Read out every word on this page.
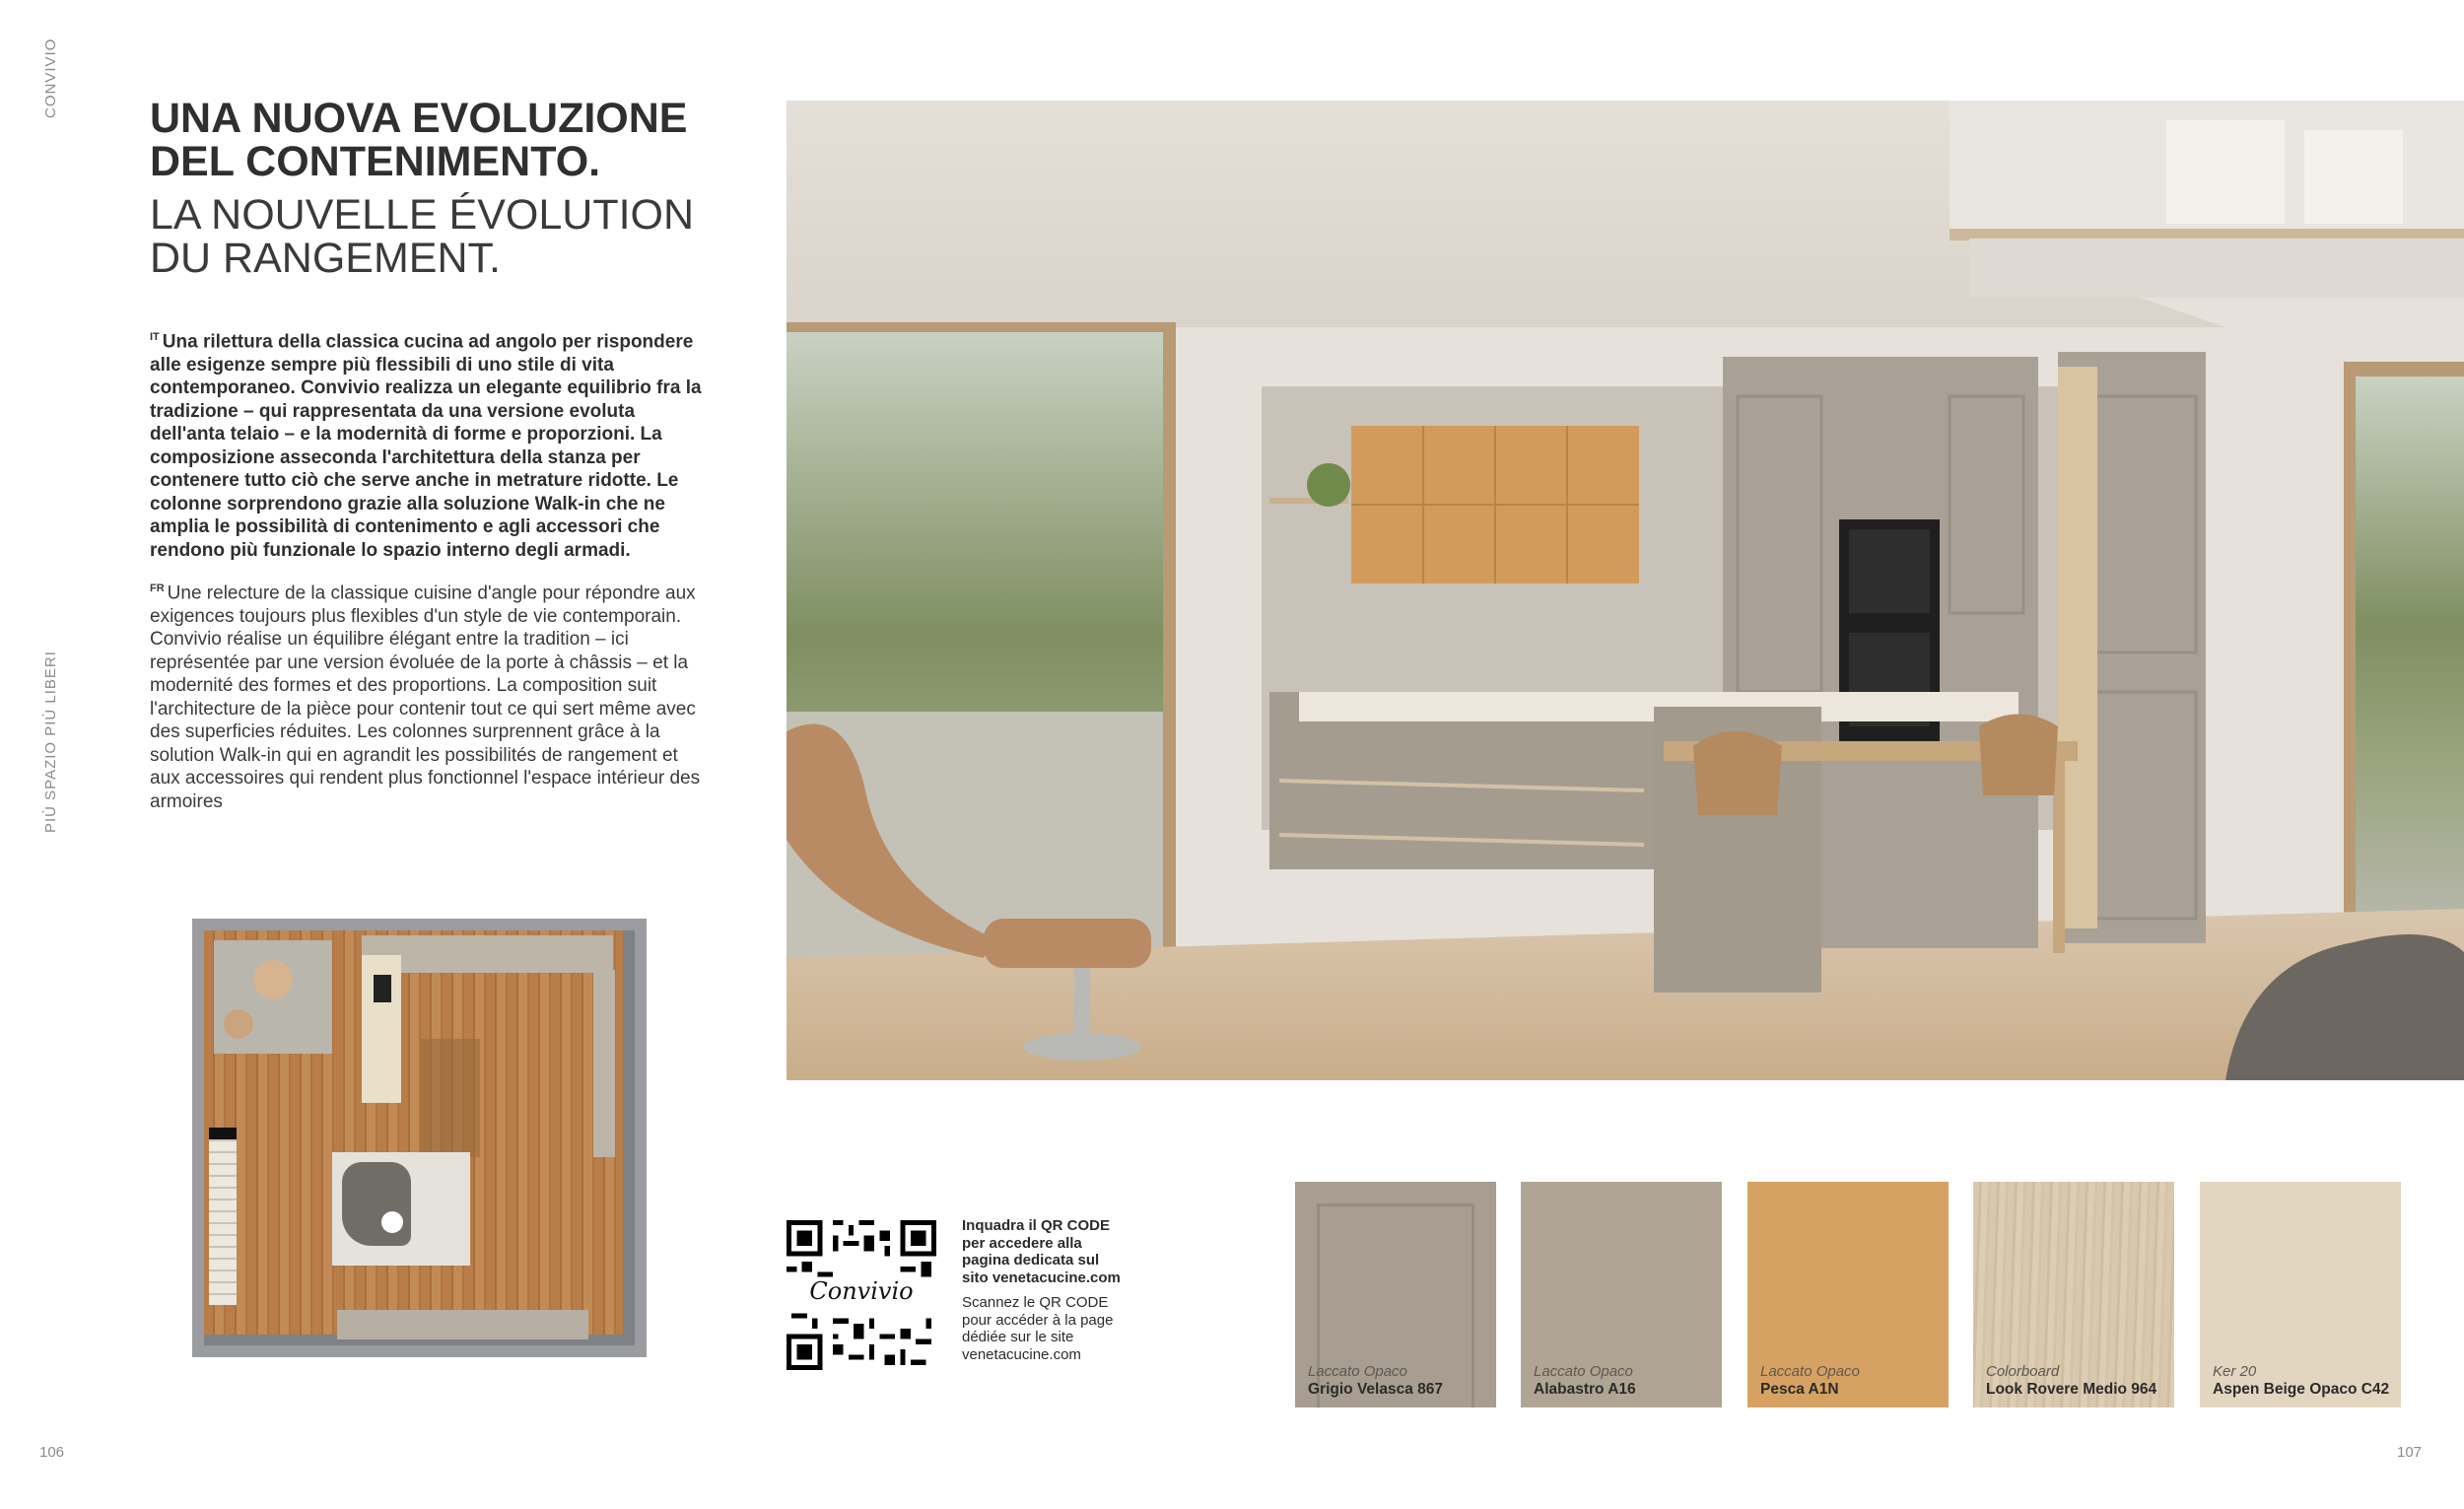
CONVIVIO
PIÙ SPAZIO PIÙ LIBERI
UNA NUOVA EVOLUZIONE
DEL CONTENIMENTO.
LA NOUVELLE ÉVOLUTION
DU RANGEMENT.

$^{IT}$ Una rilettura della classica cucina ad angolo per rispondere alle esigenze sempre più flessibili di uno stile di vita contemporaneo. Convivio realizza un elegante equilibrio fra la tradizione – qui rappresentata da una versione evoluta dell'anta telaio – e la modernità di forme e proporzioni. La composizione asseconda l'architettura della stanza per contenere tutto ciò che serve anche in metrature ridotte. Le colonne sorprendono grazie alla soluzione Walk-in che ne amplia le possibilità di contenimento e agli accessori che rendono più funzionale lo spazio interno degli armadi.

$^{FR}$ Une relecture de la classique cuisine d'angle pour répondre aux exigences toujours plus flexibles d'un style de vie contemporain. Convivio réalise un équilibre élégant entre la tradition – ici représentée par une version évoluée de la porte à châssis – et la modernité des formes et des proportions. La composition suit l'architecture de la pièce pour contenir tout ce qui sert même avec des superficies réduites. Les colonnes surprennent grâce à la solution Walk-in qui en agrandit les possibilités de rangement et aux accessoires qui rendent plus fonctionnel l'espace intérieur des armoires

Convivio

Inquadra il QR CODE
per accedere alla
pagina dedicata sul
sito venetacucine.com

Scannez le QR CODE
pour accéder à la page
dédiée sur le site
venetacucine.com

Laccato Opaco
Grigio Velasca 867
Laccato Opaco
Alabastro A16
Laccato Opaco
Pesca A1N
Colorboard
Look Rovere Medio 964
Ker 20
Aspen Beige Opaco C42
106	107
